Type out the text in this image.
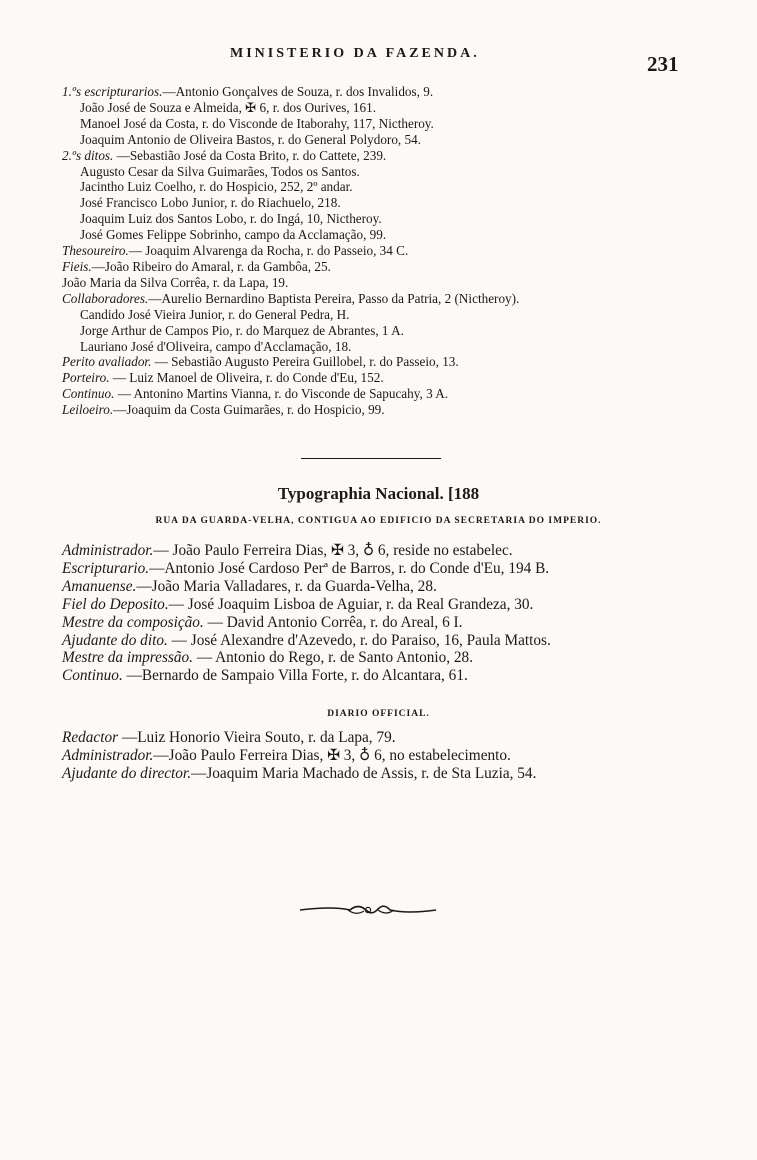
MINISTERIO DA FAZENDA.	231
1.ºs escripturarios.—Antonio Gonçalves de Souza, r. dos Invalidos, 9.
João José de Souza e Almeida, ✠ 6, r. dos Ourives, 161.
Manoel José da Costa, r. do Visconde de Itaborahy, 117, Nictheroy.
Joaquim Antonio de Oliveira Bastos, r. do General Polydoro, 54.
2.ºs ditos. —Sebastião José da Costa Brito, r. do Cattete, 239.
Augusto Cesar da Silva Guimarães, Todos os Santos.
Jacintho Luiz Coelho, r. do Hospicio, 252, 2º andar.
José Francisco Lobo Junior, r. do Riachuelo, 218.
Joaquim Luiz dos Santos Lobo, r. do Ingá, 10, Nictheroy.
José Gomes Felippe Sobrinho, campo da Acclamação, 99.
Thesoureiro.— Joaquim Alvarenga da Rocha, r. do Passeio, 34 C.
Fieis.—João Ribeiro do Amaral, r. da Gambôa, 25.
João Maria da Silva Corrêa, r. da Lapa, 19.
Collaboradores.—Aurelio Bernardino Baptista Pereira, Passo da Patria, 2 (Nictheroy).
Candido José Vieira Junior, r. do General Pedra, H.
Jorge Arthur de Campos Pio, r. do Marquez de Abrantes, 1 A.
Lauriano José d'Oliveira, campo d'Acclamação, 18.
Perito avaliador. — Sebastião Augusto Pereira Guillobel, r. do Passeio, 13.
Porteiro. — Luiz Manoel de Oliveira, r. do Conde d'Eu, 152.
Continuo. — Antonino Martins Vianna, r. do Visconde de Sapucahy, 3 A.
Leiloeiro.—Joaquim da Costa Guimarães, r. do Hospicio, 99.
Typographia Nacional. [188
RUA DA GUARDA-VELHA, CONTIGUA AO EDIFICIO DA SECRETARIA DO IMPERIO.
Administrador.— João Paulo Ferreira Dias, ✠ 3, ♁ 6, reside no estabelec.
Escripturario.—Antonio José Cardoso Perª de Barros, r. do Conde d'Eu, 194 B.
Amanuense.—João Maria Valladares, r. da Guarda-Velha, 28.
Fiel do Deposito.— José Joaquim Lisboa de Aguiar, r. da Real Grandeza, 30.
Mestre da composição. — David Antonio Corrêa, r. do Areal, 6 I.
Ajudante do dito. — José Alexandre d'Azevedo, r. do Paraiso, 16, Paula Mattos.
Mestre da impressão. — Antonio do Rego, r. de Santo Antonio, 28.
Continuo. —Bernardo de Sampaio Villa Forte, r. do Alcantara, 61.
DIARIO OFFICIAL.
Redactor —Luiz Honorio Vieira Souto, r. da Lapa, 79.
Administrador.—João Paulo Ferreira Dias, ✠ 3, ♁ 6, no estabelecimento.
Ajudante do director.—Joaquim Maria Machado de Assis, r. de Sta Luzia, 54.
